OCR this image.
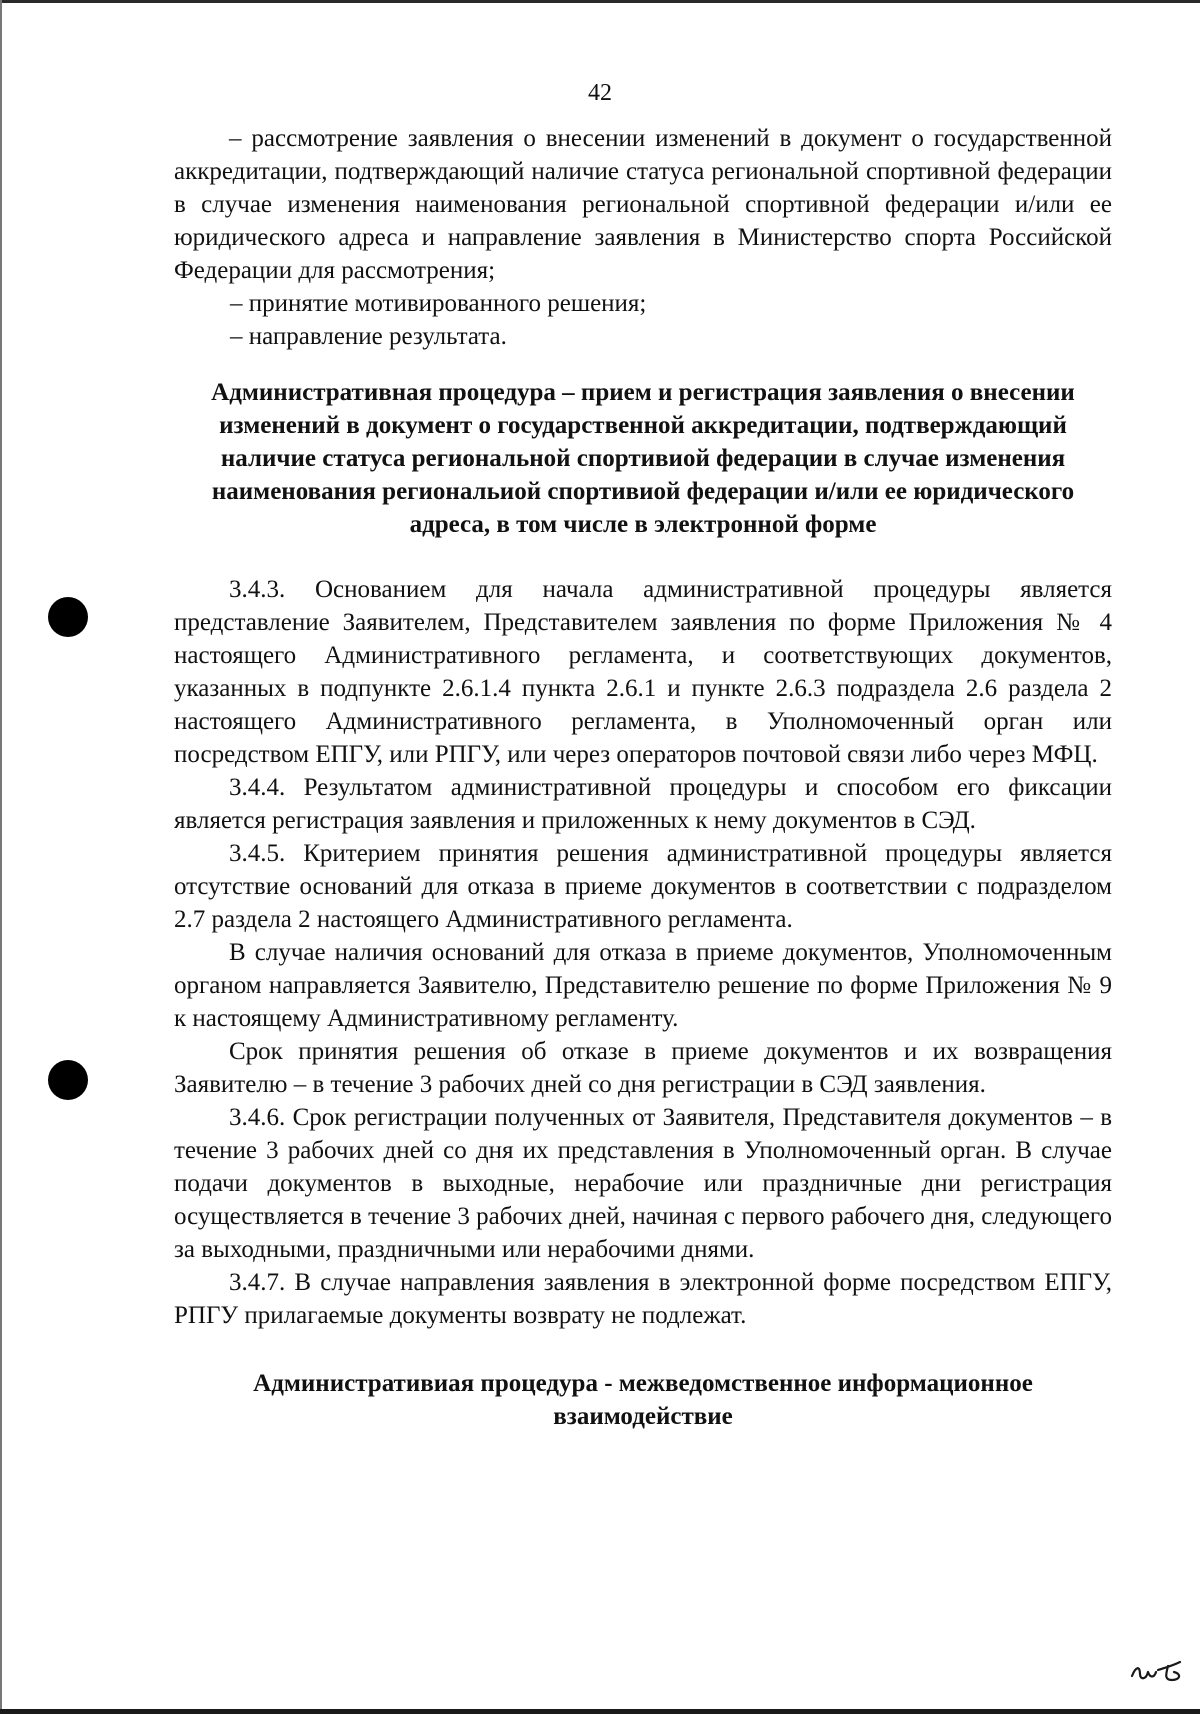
42

– рассмотрение заявления о внесении изменений в документ о государственной аккредитации, подтверждающий наличие статуса региональной спортивной федерации в случае изменения наименования региональной спортивной федерации и/или ее юридического адреса и направление заявления в Министерство спорта Российской Федерации для рассмотрения;

– принятие мотивированного решения;

– направление результата.

Административная процедура – прием и регистрация заявления о внесении изменений в документ о государственной аккредитации, подтверждающий наличие статуса региональной спортивиой федерации в случае изменения наименования региональиой спортивиой федерации и/или ее юридического адреса, в том числе в электронной форме

3.4.3. Основанием для начала административной процедуры является представление Заявителем, Представителем заявления по форме Приложения № 4 настоящего Административного регламента, и соответствующих документов, указанных в подпункте 2.6.1.4 пункта 2.6.1 и пункте 2.6.3 подраздела 2.6 раздела 2 настоящего Административного регламента, в Уполномоченный орган или посредством ЕПГУ, или РПГУ, или через операторов почтовой связи либо через МФЦ.

3.4.4. Результатом административной процедуры и способом его фиксации является регистрация заявления и приложенных к нему документов в СЭД.

3.4.5. Критерием принятия решения административной процедуры является отсутствие оснований для отказа в приеме документов в соответствии с подразделом 2.7 раздела 2 настоящего Административного регламента.

В случае наличия оснований для отказа в приеме документов, Уполномоченным органом направляется Заявителю, Представителю решение по форме Приложения № 9 к настоящему Административному регламенту.

Срок принятия решения об отказе в приеме документов и их возвращения Заявителю – в течение 3 рабочих дней со дня регистрации в СЭД заявления.

3.4.6. Срок регистрации полученных от Заявителя, Представителя документов – в течение 3 рабочих дней со дня их представления в Уполномоченный орган. В случае подачи документов в выходные, нерабочие или праздничные дни регистрация осуществляется в течение 3 рабочих дней, начиная с первого рабочего дня, следующего за выходными, праздничными или нерабочими днями.

3.4.7. В случае направления заявления в электронной форме посредством ЕПГУ, РПГУ прилагаемые документы возврату не подлежат.

Административиая процедура - межведомственное информационное взаимодействие
